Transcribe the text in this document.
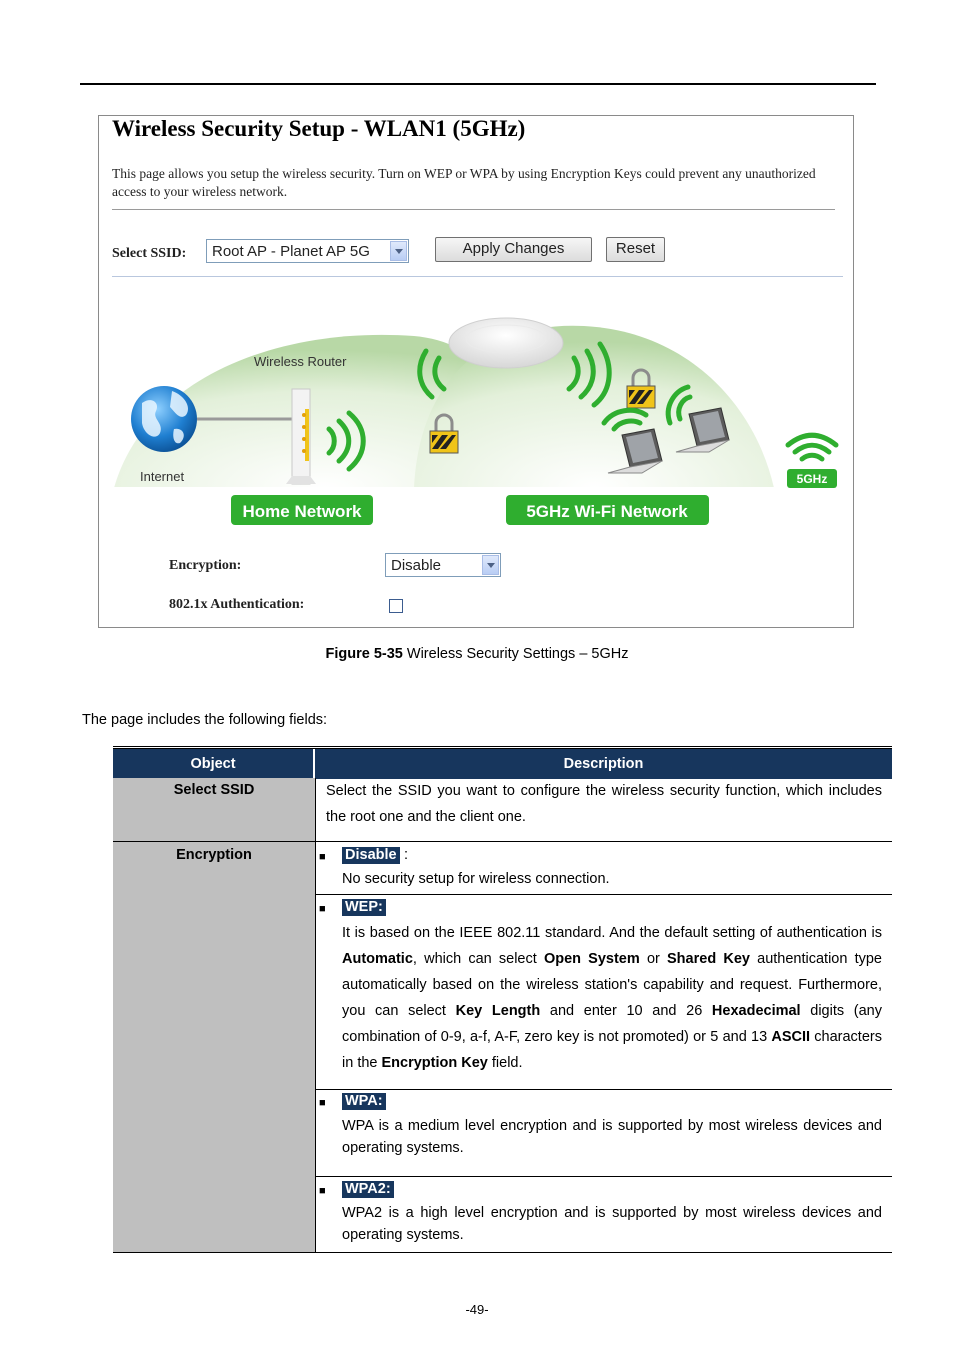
Wireless Security Setup - WLAN1 (5GHz)
This page allows you setup the wireless security. Turn on WEP or WPA by using Encryption Keys could prevent any unauthorized access to your wireless network.
Select SSID: Root AP - Planet AP 5G	Apply Changes	Reset
Internet
Wireless Router
5GHz
Home Network	5GHz Wi-Fi Network
Encryption:	Disable
802.1x Authentication:
Figure 5-35 Wireless Security Settings – 5GHz
The page includes the following fields:
Object	Description
Select SSID	Select the SSID you want to configure the wireless security function, which includes the root one and the client one.
Encryption	■ Disable :
No security setup for wireless connection.
■ WEP:
It is based on the IEEE 802.11 standard. And the default setting of authentication is Automatic, which can select Open System or Shared Key authentication type automatically based on the wireless station's capability and request. Furthermore, you can select Key Length and enter 10 and 26 Hexadecimal digits (any combination of 0-9, a-f, A-F, zero key is not promoted) or 5 and 13 ASCII characters in the Encryption Key field.
■ WPA:
WPA is a medium level encryption and is supported by most wireless devices and operating systems.
■ WPA2:
WPA2 is a high level encryption and is supported by most wireless devices and operating systems.
-49-
